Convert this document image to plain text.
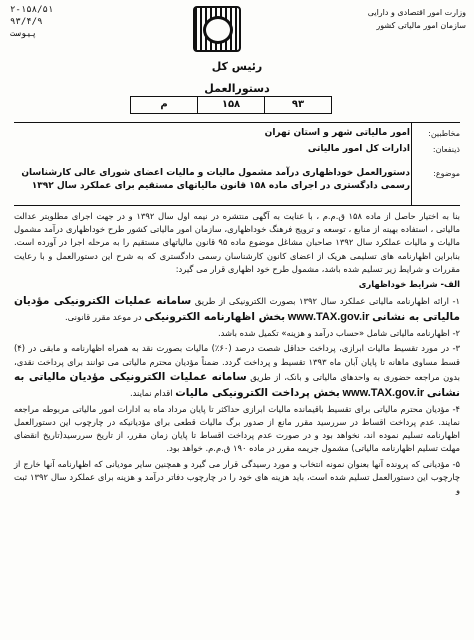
وزارت امور اقتصادی و دارایی
سازمان امور مالیاتی کشور
۲-۱۵۸/۵۱
۹۳/۴/۹
پیوست
رئیس کل
دستورالعمل
۹۳
۱۵۸
م
مخاطبین:
امور مالیاتی شهر و استان تهران
ذینفعان:
ادارات کل امور مالیاتی
موضوع:
دستورالعمل خوداظهاری درآمد مشمول مالیات و مالیات اعضای شورای عالی کارشناسان رسمی دادگستری در اجرای ماده ۱۵۸ قانون مالیاتهای مستقیم برای عملکرد سال ۱۳۹۲

بنا به اختیار حاصل از ماده ۱۵۸ ق.م.م ، با عنایت به آگهی منتشره در نیمه اول سال ۱۳۹۲ و در جهت اجرای مطلوبتر عدالت مالیاتی ، استفاده بهینه از منابع ، توسعه و ترویج فرهنگ خوداظهاری، سازمان امور مالیاتی کشور طرح خوداظهاری درآمد مشمول مالیات و مالیات عملکرد سال ۱۳۹۲ صاحبان مشاغل موضوع ماده ۹۵ قانون مالیاتهای مستقیم را به مرحله اجرا در آورده است. بنابراین اظهارنامه های تسلیمی هریک از اعضای کانون کارشناسان رسمی دادگستری که به شرح این دستورالعمل و با رعایت مقررات و شرایط زیر تسلیم شده باشد، مشمول طرح خود اظهاری قرار می گیرد:

الف- شرایط خوداظهاری

۱- ارائه اظهارنامه مالیاتی عملکرد سال ۱۳۹۲ بصورت الکترونیکی از طریق سامانه عملیات الکترونیکی مؤدیان مالیاتی به نشانی www.TAX.gov.ir بخش اظهارنامه الکترونیکی در موعد مقرر قانونی.

۲- اظهارنامه مالیاتی شامل «حساب درآمد و هزینه» تکمیل شده باشد.

۳- در مورد تقسیط مالیات ابرازی، پرداخت حداقل شصت درصد (۶۰٪) مالیات بصورت نقد به همراه اظهارنامه و مابقی در (۴) قسط مساوی ماهانه تا پایان آبان ماه ۱۳۹۳ تقسیط و پرداخت گردد. ضمناً مؤدیان محترم مالیاتی می توانند برای پرداخت نقدی، بدون مراجعه حضوری به واحدهای مالیاتی و بانک، از طریق سامانه عملیات الکترونیکی مؤدیان مالیاتی به نشانی www.TAX.gov.ir بخش پرداخت الکترونیکی مالیات اقدام نمایند.

۴- مؤدیان محترم مالیاتی برای تقسیط باقیمانده مالیات ابرازی حداکثر تا پایان مرداد ماه به ادارات امور مالیاتی مربوطه مراجعه نمایند. عدم پرداخت اقساط در سررسید مقرر مانع از صدور برگ مالیات قطعی برای مؤدیانیکه در چارچوب این دستورالعمل اظهارنامه تسلیم نموده اند، نخواهد بود و در صورت عدم پرداخت اقساط تا پایان زمان مقرر، از تاریخ سررسید(تاریخ انقضای مهلت تسلیم اظهارنامه مالیاتی) مشمول جریمه مقرر در ماده ۱۹۰ ق.م.م. خواهد بود.

۵- مؤدیانی که پرونده آنها بعنوان نمونه انتخاب و مورد رسیدگی قرار می گیرد و همچنین سایر مودیانی که اظهارنامه آنها خارج از چارچوب این دستورالعمل تسلیم شده است، باید هزینه های خود را در چارچوب دفاتر درآمد و هزینه برای عملکرد سال ۱۳۹۲ ثبت و
